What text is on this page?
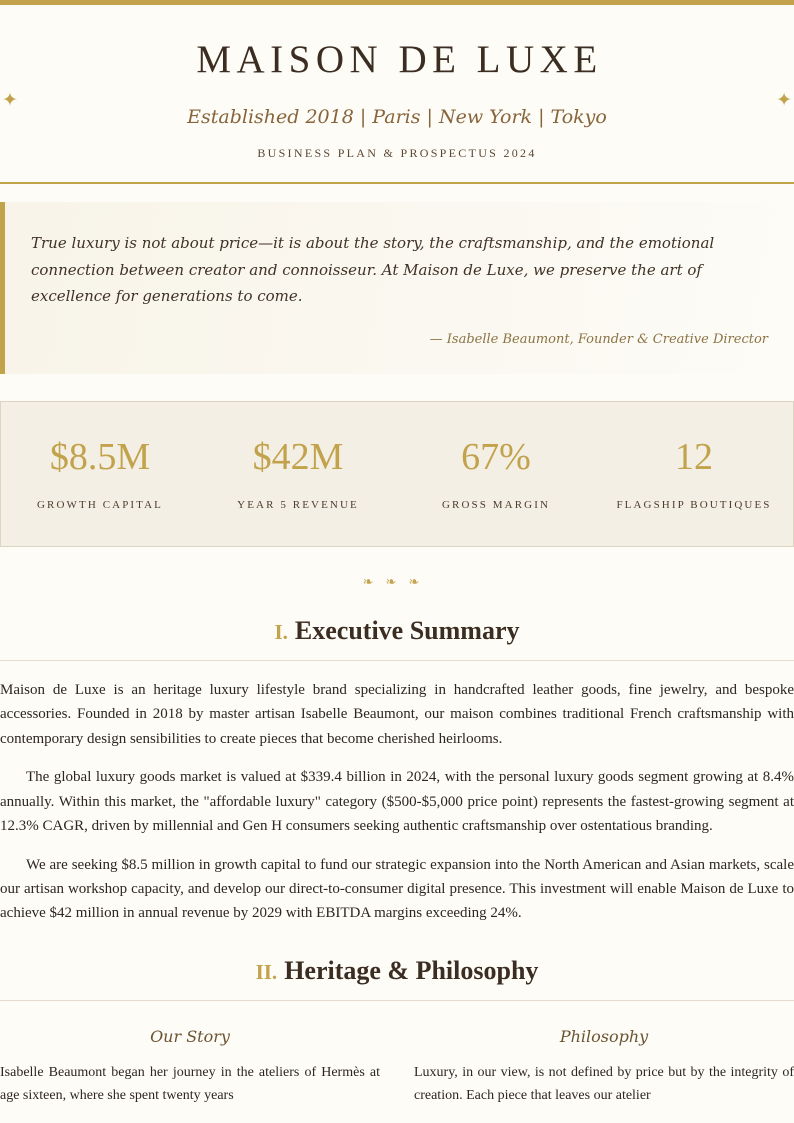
✦	✦
MAISON DE LUXE
Established 2018 | Paris | New York | Tokyo
BUSINESS PLAN & PROSPECTUS 2024

True luxury is not about price—it is about the story, the craftsmanship, and the emotional connection between creator and connoisseur. At Maison de Luxe, we preserve the art of excellence for generations to come.

— Isabelle Beaumont, Founder & Creative Director

$8.5M
GROWTH CAPITAL
$42M
YEAR 5 REVENUE
67%
GROSS MARGIN
12
FLAGSHIP BOUTIQUES
❧❧❧
I. Executive Summary

Maison de Luxe is an heritage luxury lifestyle brand specializing in handcrafted leather goods, fine jewelry, and bespoke accessories. Founded in 2018 by master artisan Isabelle Beaumont, our maison combines traditional French craftsmanship with contemporary design sensibilities to create pieces that become cherished heirlooms.

The global luxury goods market is valued at $339.4 billion in 2024, with the personal luxury goods segment growing at 8.4% annually. Within this market, the "affordable luxury" category ($500-$5,000 price point) represents the fastest-growing segment at 12.3% CAGR, driven by millennial and Gen H consumers seeking authentic craftsmanship over ostentatious branding.

We are seeking $8.5 million in growth capital to fund our strategic expansion into the North American and Asian markets, scale our artisan workshop capacity, and develop our direct-to-consumer digital presence. This investment will enable Maison de Luxe to achieve $42 million in annual revenue by 2029 with EBITDA margins exceeding 24%.

II. Heritage & Philosophy
Our Story

Isabelle Beaumont began her journey in the ateliers of Hermès at age sixteen, where she spent twenty years

Philosophy

Luxury, in our view, is not defined by price but by the integrity of creation. Each piece that leaves our atelier
